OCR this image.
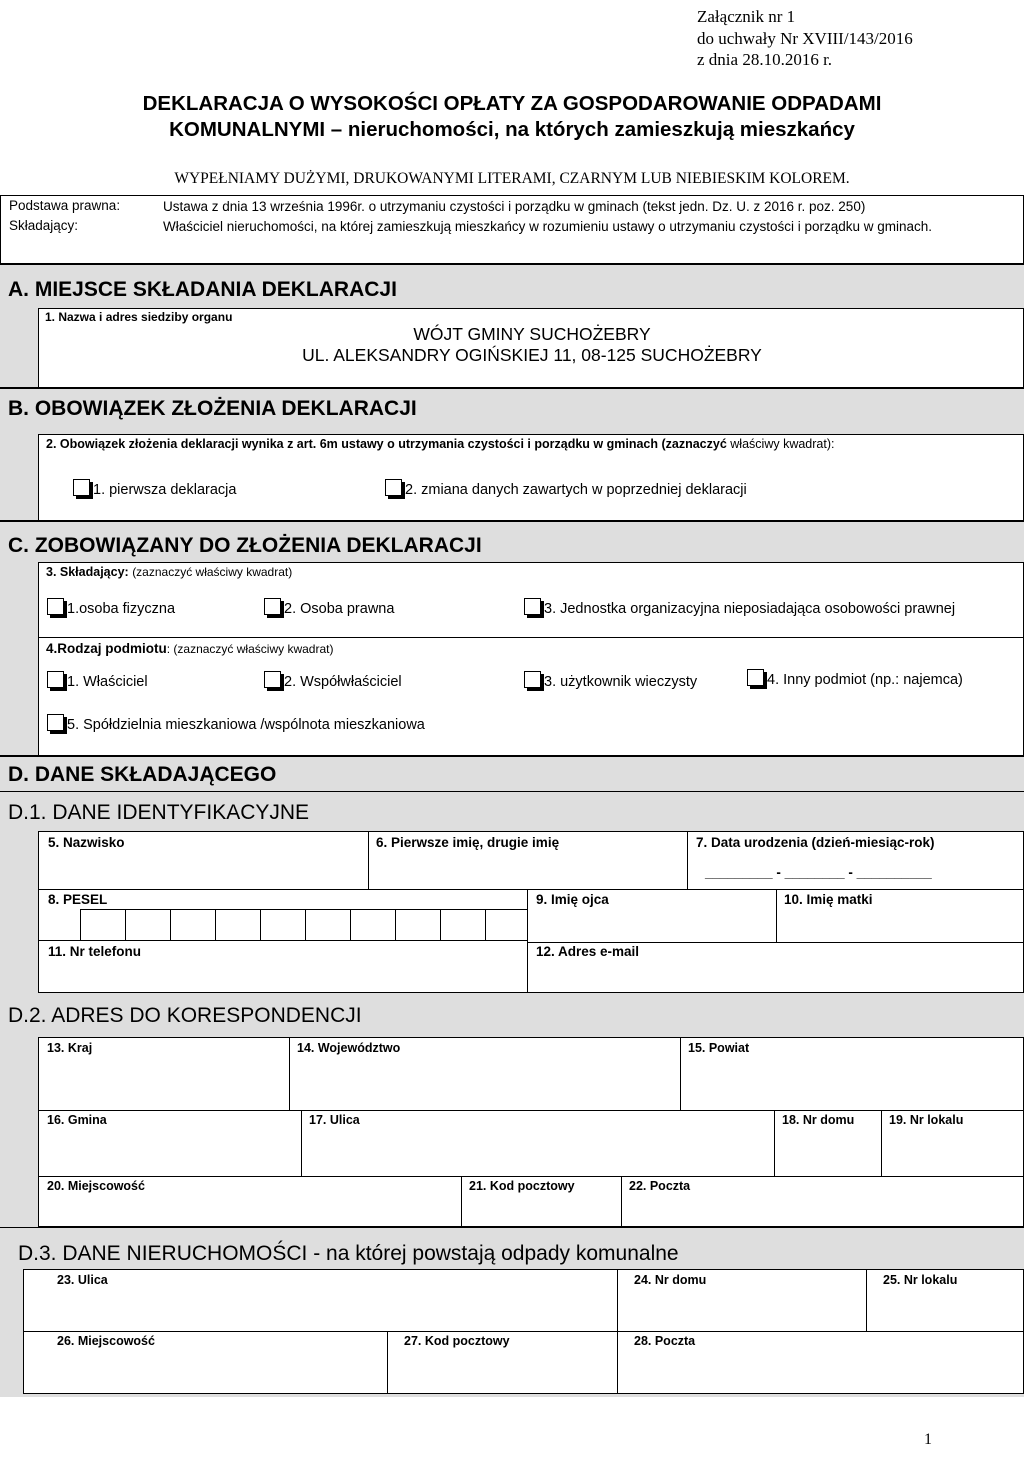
Załącznik nr 1
do uchwały Nr XVIII/143/2016
z dnia 28.10.2016 r.
DEKLARACJA O WYSOKOŚCI OPŁATY ZA GOSPODAROWANIE ODPADAMI
KOMUNALNYMI – nieruchomości, na których zamieszkują mieszkańcy
WYPEŁNIAMY DUŻYMI, DRUKOWANYMI LITERAMI, CZARNYM LUB NIEBIESKIM KOLOREM.
Podstawa prawna:	Ustawa z dnia 13 września 1996r. o utrzymaniu czystości i porządku w gminach (tekst jedn. Dz. U. z 2016 r. poz. 250)
Składający:	Właściciel nieruchomości, na której zamieszkują mieszkańcy w rozumieniu ustawy o utrzymaniu czystości i porządku w gminach.
A. MIEJSCE SKŁADANIA DEKLARACJI
1. Nazwa i adres siedziby organu
WÓJT GMINY SUCHOŻEBRY
UL. ALEKSANDRY OGIŃSKIEJ 11, 08-125 SUCHOŻEBRY
B. OBOWIĄZEK ZŁOŻENIA DEKLARACJI
2. Obowiązek złożenia deklaracji wynika z art. 6m ustawy o utrzymania czystości i porządku w gminach (zaznaczyć właściwy kwadrat):
1. pierwsza deklaracja	2. zmiana danych zawartych w poprzedniej deklaracji
C. ZOBOWIĄZANY DO ZŁOŻENIA DEKLARACJI
3. Składający: (zaznaczyć właściwy kwadrat)
1.osoba fizyczna	2. Osoba prawna	3. Jednostka organizacyjna nieposiadająca osobowości prawnej
4.Rodzaj podmiotu: (zaznaczyć właściwy kwadrat)
1. Właściciel	2. Współwłaściciel	3. użytkownik wieczysty	4. Inny podmiot (np.: najemca)
5. Spółdzielnia mieszkaniowa /wspólnota mieszkaniowa
D. DANE SKŁADAJĄCEGO
D.1. DANE IDENTYFIKACYJNE
5. Nazwisko	6. Pierwsze imię, drugie imię	7. Data urodzenia (dzień-miesiąc-rok)
_________ - ________ - __________
8. PESEL	9. Imię ojca	10. Imię matki
11. Nr telefonu	12. Adres e-mail
D.2. ADRES DO KORESPONDENCJI
13. Kraj	14. Województwo	15. Powiat
16. Gmina	17. Ulica	18. Nr domu	19. Nr lokalu
20. Miejscowość	21. Kod pocztowy	22. Poczta
D.3. DANE NIERUCHOMOŚCI - na której powstają odpady komunalne
23. Ulica	24. Nr domu	25. Nr lokalu
26. Miejscowość	27. Kod pocztowy	28. Poczta
1
